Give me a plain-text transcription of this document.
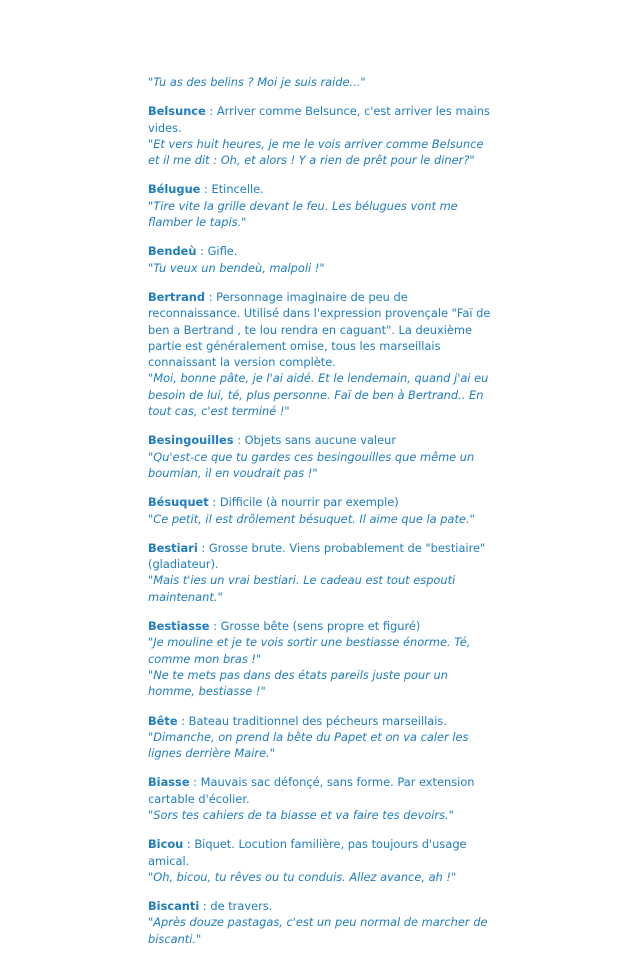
"Tu as des belins ? Moi je suis raide..."
Belsunce : Arriver comme Belsunce, c'est arriver les mains vides.
"Et vers huit heures, je me le vois arriver comme Belsunce et il me dit : Oh, et alors ! Y a rien de prêt pour le diner?"
Bélugue : Etincelle.
"Tire vite la grille devant le feu. Les bélugues vont me flamber le tapis."
Bendeù : Gifle.
"Tu veux un bendeù, malpoli !"
Bertrand : Personnage imaginaire de peu de reconnaissance. Utilisé dans l'expression provençale "Faï de ben a Bertrand , te lou rendra en caguant". La deuxième partie est généralement omise, tous les marseillais connaissant la version complète.
"Moi, bonne pâte, je l'ai aidé. Et le lendemain, quand j'ai eu besoin de lui, té, plus personne. Faï de ben à Bertrand.. En tout cas, c'est terminé !"
Besingouilles : Objets sans aucune valeur
"Qu'est-ce que tu gardes ces besingouilles que même un boumian, il en voudrait pas !"
Bésuquet : Difficile (à nourrir par exemple)
"Ce petit, il est drôlement bésuquet. Il aime que la pate."
Bestiari : Grosse brute. Viens probablement de "bestiaire" (gladiateur).
"Mais t'ies un vrai bestiari. Le cadeau est tout espouti maintenant."
Bestiasse : Grosse bête (sens propre et figuré)
"Je mouline et je te vois sortir une bestiasse énorme. Té, comme mon bras !"
"Ne te mets pas dans des états pareils juste pour un homme, bestiasse !"
Bête : Bateau traditionnel des pécheurs marseillais.
"Dimanche, on prend la bête du Papet et on va caler les lignes derrière Maire."
Biasse : Mauvais sac défonçé, sans forme. Par extension cartable d'écolier.
"Sors tes cahiers de ta biasse et va faire tes devoirs."
Bicou : Biquet. Locution familière, pas toujours d'usage amical.
"Oh, bicou, tu rêves ou tu conduis. Allez avance, ah !"
Biscanti : de travers.
"Après douze pastagas, c'est un peu normal de marcher de biscanti."
